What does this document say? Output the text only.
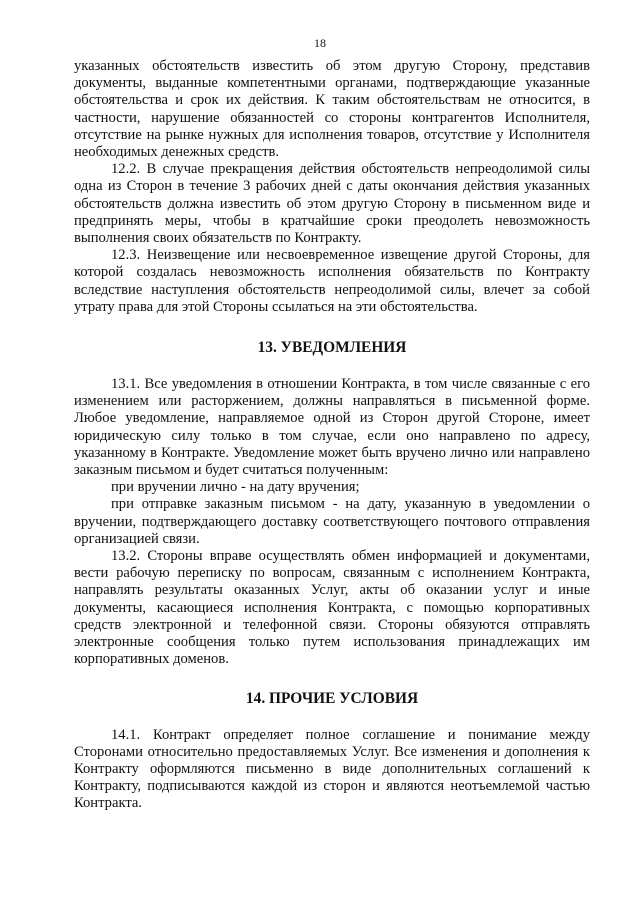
18

указанных обстоятельств известить об этом другую Сторону, представив документы, выданные компетентными органами, подтверждающие указанные обстоятельства и срок их действия. К таким обстоятельствам не относится, в частности, нарушение обязанностей со стороны контрагентов Исполнителя, отсутствие на рынке нужных для исполнения товаров, отсутствие у Исполнителя необходимых денежных средств.

12.2. В случае прекращения действия обстоятельств непреодолимой силы одна из Сторон в течение 3 рабочих дней с даты окончания действия указанных обстоятельств должна известить об этом другую Сторону в письменном виде и предпринять меры, чтобы в кратчайшие сроки преодолеть невозможность выполнения своих обязательств по Контракту.

12.3. Неизвещение или несвоевременное извещение другой Стороны, для которой создалась невозможность исполнения обязательств по Контракту вследствие наступления обстоятельств непреодолимой силы, влечет за собой утрату права для этой Стороны ссылаться на эти обстоятельства.

13. УВЕДОМЛЕНИЯ

13.1. Все уведомления в отношении Контракта, в том числе связанные с его изменением или расторжением, должны направляться в письменной форме. Любое уведомление, направляемое одной из Сторон другой Стороне, имеет юридическую силу только в том случае, если оно направлено по адресу, указанному в Контракте. Уведомление может быть вручено лично или направлено заказным письмом и будет считаться полученным:

при вручении лично - на дату вручения;

при отправке заказным письмом - на дату, указанную в уведомлении о вручении, подтверждающего доставку соответствующего почтового отправления организацией связи.

13.2. Стороны вправе осуществлять обмен информацией и документами, вести рабочую переписку по вопросам, связанным с исполнением Контракта, направлять результаты оказанных Услуг, акты об оказании услуг и иные документы, касающиеся исполнения Контракта, с помощью корпоративных средств электронной и телефонной связи. Стороны обязуются отправлять электронные сообщения только путем использования принадлежащих им корпоративных доменов.

14. ПРОЧИЕ УСЛОВИЯ

14.1. Контракт определяет полное соглашение и понимание между Сторонами относительно предоставляемых Услуг. Все изменения и дополнения к Контракту оформляются письменно в виде дополнительных соглашений к Контракту, подписываются каждой из сторон и являются неотъемлемой частью Контракта.
